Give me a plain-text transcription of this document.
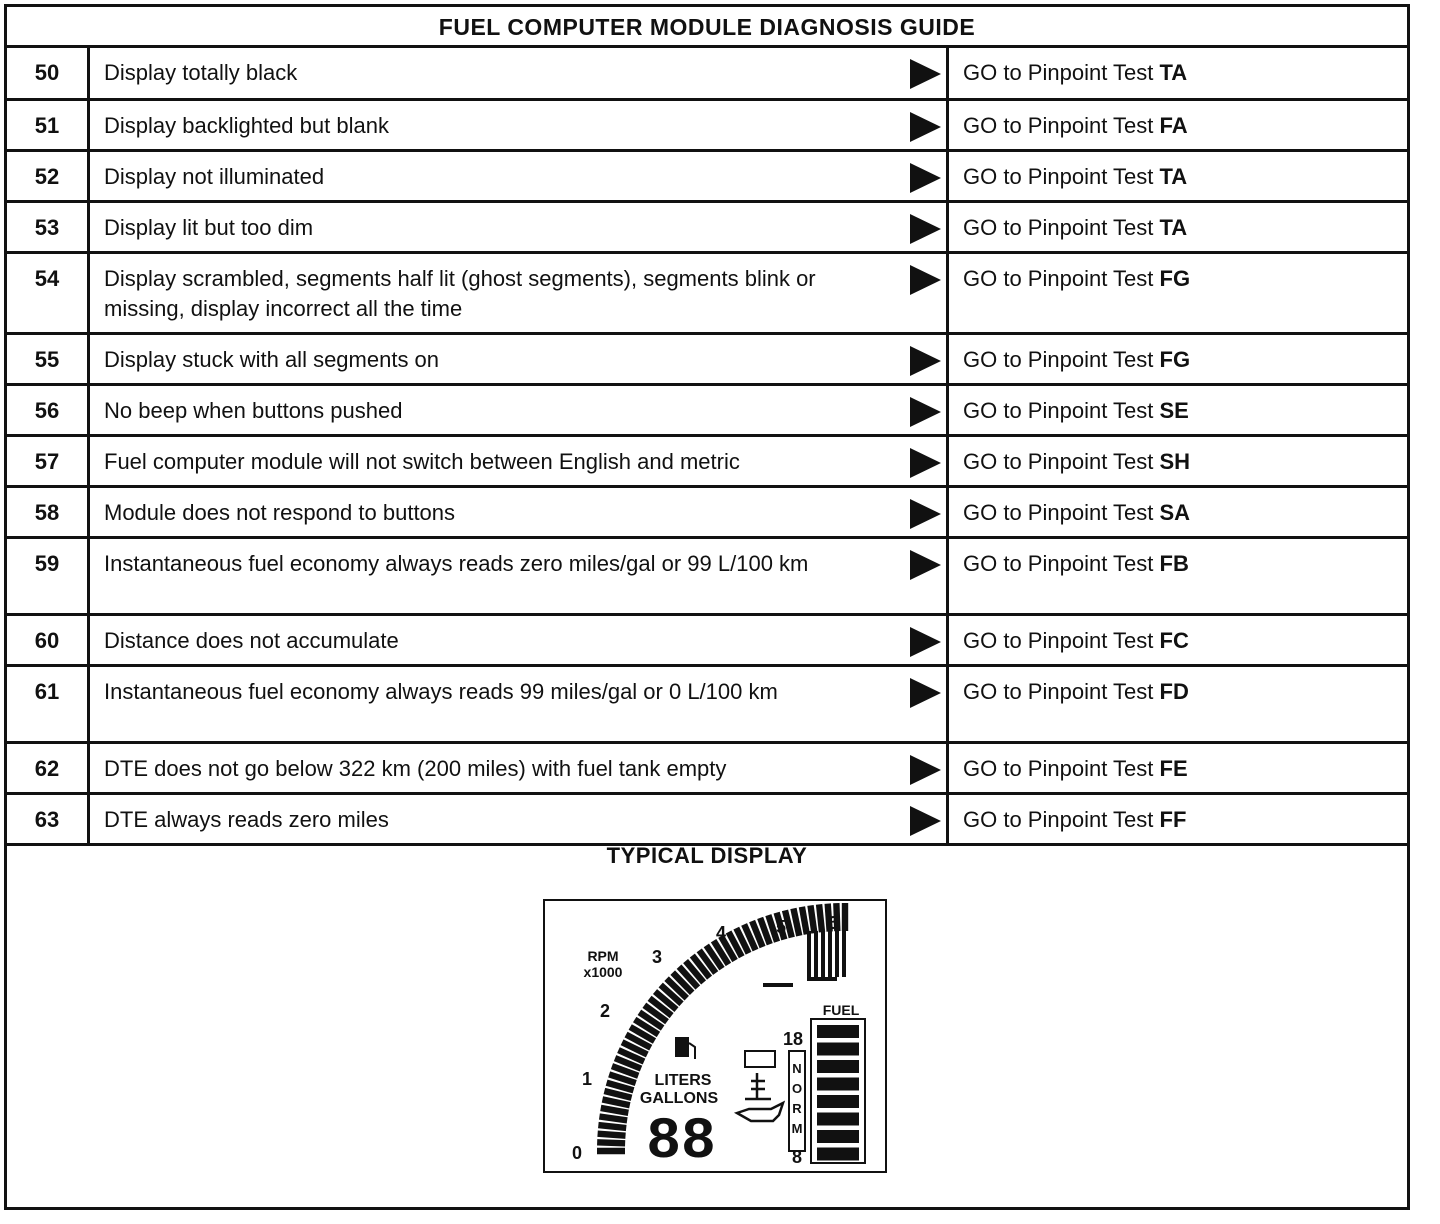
FUEL COMPUTER MODULE DIAGNOSIS GUIDE
50	Display totally black	GO to Pinpoint Test TA
51	Display backlighted but blank	GO to Pinpoint Test FA
52	Display not illuminated	GO to Pinpoint Test TA
53	Display lit but too dim	GO to Pinpoint Test TA
54	Display scrambled, segments half lit (ghost segments), segments blink or missing, display incorrect all the time	GO to Pinpoint Test FG
55	Display stuck with all segments on	GO to Pinpoint Test FG
56	No beep when buttons pushed	GO to Pinpoint Test SE
57	Fuel computer module will not switch between English and metric	GO to Pinpoint Test SH
58	Module does not respond to buttons	GO to Pinpoint Test SA
59	Instantaneous fuel economy always reads zero miles/gal or 99 L/100 km	GO to Pinpoint Test FB
60	Distance does not accumulate	GO to Pinpoint Test FC
61	Instantaneous fuel economy always reads 99 miles/gal or 0 L/100 km	GO to Pinpoint Test FD
62	DTE does not go below 322 km (200 miles) with fuel tank empty	GO to Pinpoint Test FE
63	DTE always reads zero miles	GO to Pinpoint Test FF
TYPICAL DISPLAY
0
1
2
3
4	5 6
RPM
x1000
LITERS
GALLONS
88
N
O
R
M
18
8
FUEL
